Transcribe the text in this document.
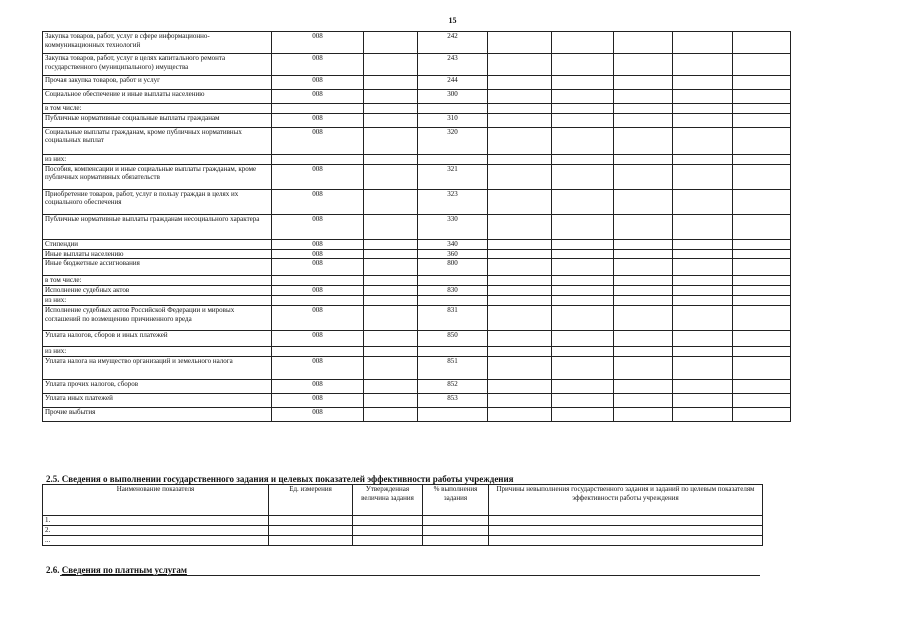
15
Закупка товаров, работ, услуг в сфере информационно-коммуникационных технологий	008		242					
Закупка товаров, работ, услуг в целях капитального ремонта государственного (муниципального) имущества	008		243					
Прочая закупка товаров, работ и услуг	008		244					
Социальное обеспечение и иные выплаты населению	008		300					
в том числе:								
Публичные нормативные социальные выплаты гражданам	008		310					
Социальные выплаты гражданам, кроме публичных нормативных социальных выплат	008		320					
из них:								
Пособия, компенсации и иные социальные выплаты гражданам, кроме публичных нормативных обязательств	008		321					
Приобретение товаров, работ, услуг в пользу граждан в целях их социального обеспечения	008		323					
Публичные нормативные выплаты гражданам несоциального характера	008		330					
Стипендии	008		340					
Иные выплаты населению	008		360					
Иные бюджетные ассигнования	008		800					
в том числе:								
Исполнение судебных актов	008		830					
из них:								
Исполнение судебных актов Российской Федерации и мировых соглашений по возмещению причиненного вреда	008		831					
Уплата налогов, сборов и иных платежей	008		850					
из них:								
Уплата налога на имущество организаций и земельного налога	008		851					
Уплата прочих налогов, сборов	008		852					
Уплата иных платежей	008		853					
Прочие выбытия	008							
2.5. Сведения о выполнении государственного задания и целевых показателей эффективности работы учреждения
Наименование показателя	Ед. измерения	Утвержденная величина задания	% выполнения задания	Причины невыполнения государственного задания и заданий по целевым показателям эффективности работы учреждения
1.				
2.				
...				
2.6. Сведения по платным услугам
